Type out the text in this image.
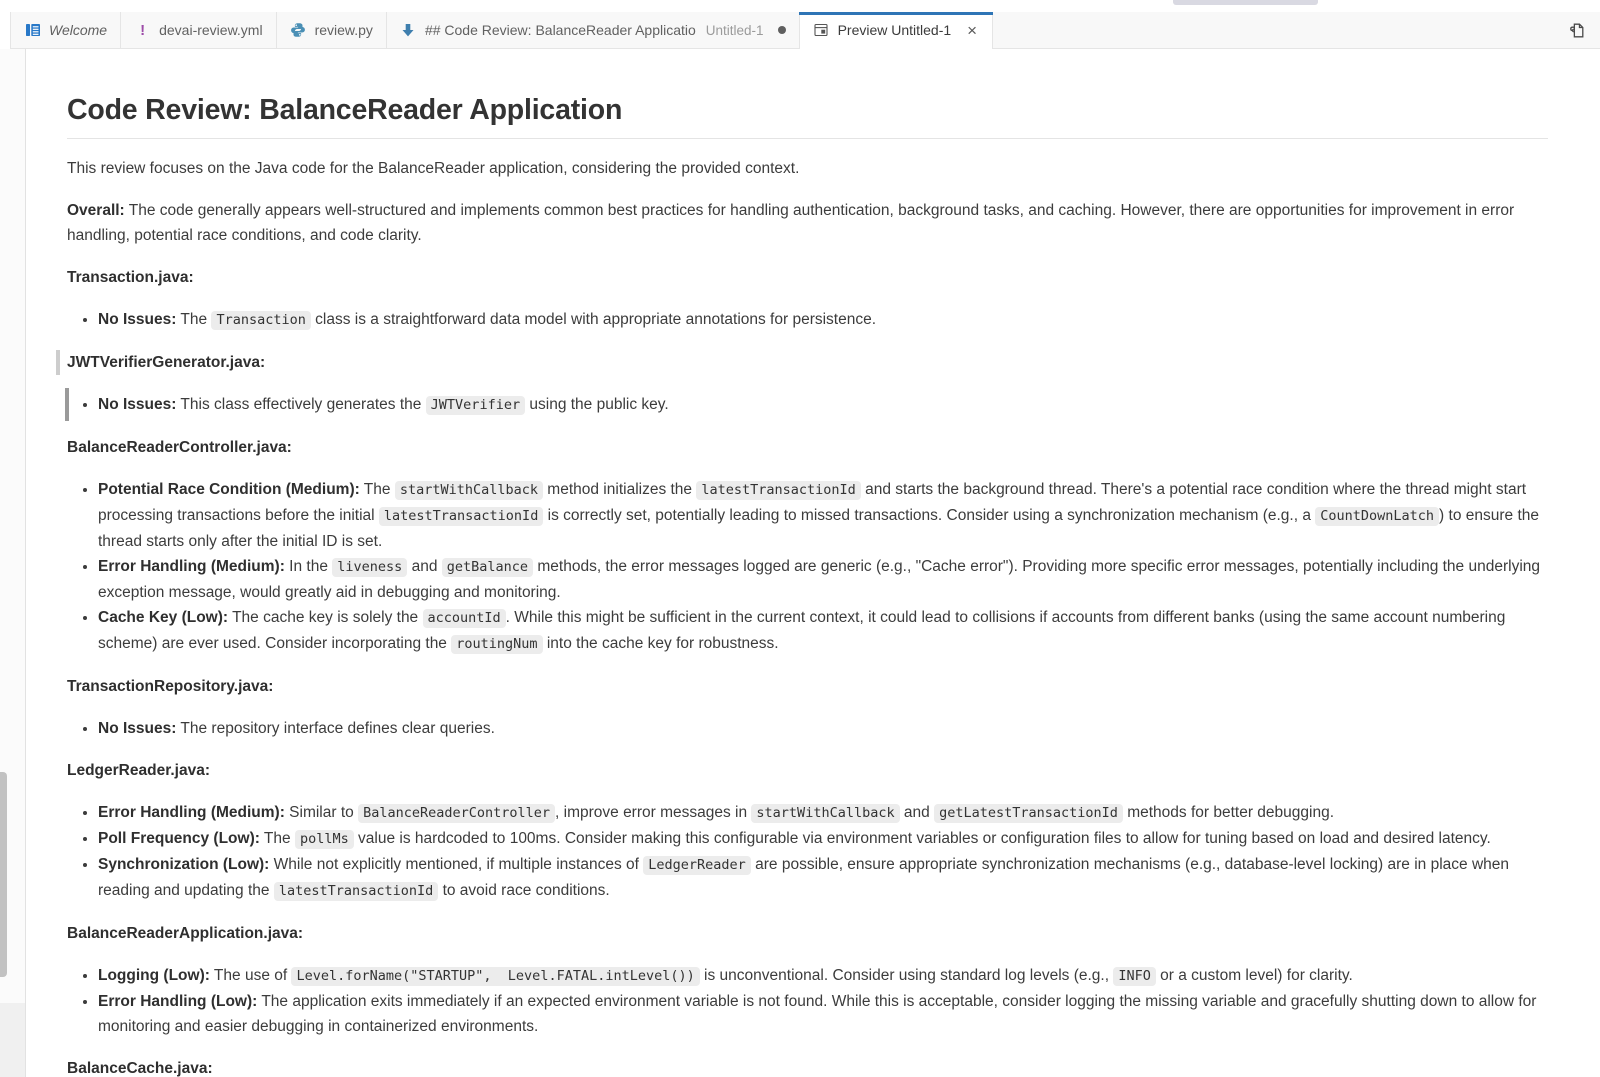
Welcome ! devai-review.yml	review.py	## Code Review: BalanceReader Applicatio Untitled-1	Preview Untitled-1 ×
Code Review: BalanceReader Application

This review focuses on the Java code for the BalanceReader application, considering the provided context.

Overall: The code generally appears well-structured and implements common best practices for handling authentication, background tasks, and caching. However, there are opportunities for improvement in error handling, potential race conditions, and code clarity.

Transaction.java:

• No Issues: The Transaction class is a straightforward data model with appropriate annotations for persistence.

JWTVerifierGenerator.java:

• No Issues: This class effectively generates the JWTVerifier using the public key.

BalanceReaderController.java:

• Potential Race Condition (Medium): The startWithCallback method initializes the latestTransactionId and starts the background thread. There's a potential race condition where the thread might start processing transactions before the initial latestTransactionId is correctly set, potentially leading to missed transactions. Consider using a synchronization mechanism (e.g., a CountDownLatch ) to ensure the thread starts only after the initial ID is set.
• Error Handling (Medium): In the liveness and getBalance methods, the error messages logged are generic (e.g., "Cache error"). Providing more specific error messages, potentially including the underlying exception message, would greatly aid in debugging and monitoring.
• Cache Key (Low): The cache key is solely the accountId . While this might be sufficient in the current context, it could lead to collisions if accounts from different banks (using the same account numbering scheme) are ever used. Consider incorporating the routingNum into the cache key for robustness.

TransactionRepository.java:

• No Issues: The repository interface defines clear queries.

LedgerReader.java:

• Error Handling (Medium): Similar to BalanceReaderController , improve error messages in startWithCallback and getLatestTransactionId methods for better debugging.
• Poll Frequency (Low): The pollMs value is hardcoded to 100ms. Consider making this configurable via environment variables or configuration files to allow for tuning based on load and desired latency.
• Synchronization (Low): While not explicitly mentioned, if multiple instances of LedgerReader are possible, ensure appropriate synchronization mechanisms (e.g., database-level locking) are in place when reading and updating the latestTransactionId to avoid race conditions.

BalanceReaderApplication.java:

• Logging (Low): The use of Level.forName("STARTUP",  Level.FATAL.intLevel()) is unconventional. Consider using standard log levels (e.g., INFO or a custom level) for clarity.
• Error Handling (Low): The application exits immediately if an expected environment variable is not found. While this is acceptable, consider logging the missing variable and gracefully shutting down to allow for monitoring and easier debugging in containerized environments.

BalanceCache.java:
